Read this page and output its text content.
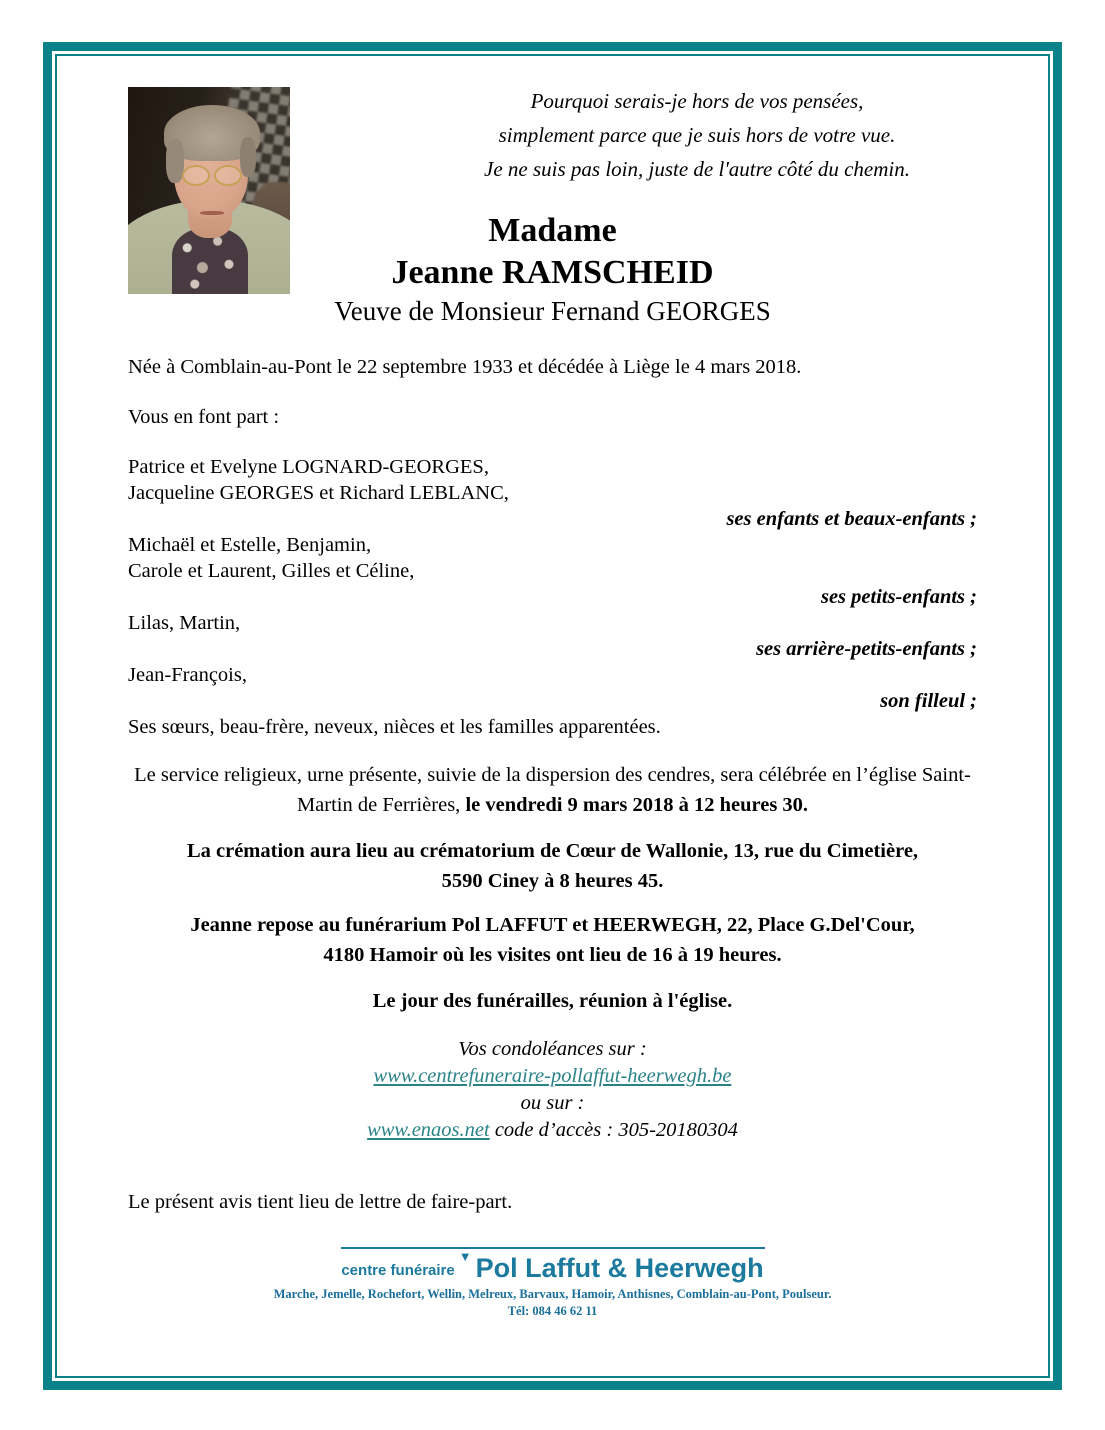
Pourquoi serais-je hors de vos pensées,
simplement parce que je suis hors de votre vue.
Je ne suis pas loin, juste de l'autre côté du chemin.
Madame
Jeanne RAMSCHEID
Veuve de Monsieur Fernand GEORGES
Née à Comblain-au-Pont le 22 septembre 1933 et décédée à Liège le 4 mars 2018.
Vous en font part :
Patrice et Evelyne LOGNARD-GEORGES,
Jacqueline GEORGES et Richard LEBLANC,
ses enfants et beaux-enfants ;
Michaël et Estelle, Benjamin,
Carole et Laurent, Gilles et Céline,
ses petits-enfants ;
Lilas, Martin,
ses arrière-petits-enfants ;
Jean-François,
son filleul ;
Ses sœurs, beau-frère, neveux, nièces et les familles apparentées.
Le service religieux, urne présente, suivie de la dispersion des cendres, sera célébrée en l’église Saint-Martin de Ferrières, le vendredi 9 mars 2018 à 12 heures 30.
La crémation aura lieu au crématorium de Cœur de Wallonie, 13, rue du Cimetière,
5590 Ciney à 8 heures 45.
Jeanne repose au funérarium Pol LAFFUT et HEERWEGH, 22, Place G.Del'Cour,
4180 Hamoir où les visites ont lieu de 16 à 19 heures.
Le jour des funérailles, réunion à l'église.
Vos condoléances sur :
www.centrefuneraire-pollaffut-heerwegh.be
ou sur :
www.enaos.net code d’accès : 305-20180304
Le présent avis tient lieu de lettre de faire-part.
centre funéraire
▼ Pol Laffut & Heerwegh
Marche, Jemelle, Rochefort, Wellin, Melreux, Barvaux, Hamoir, Anthisnes, Comblain-au-Pont, Poulseur.
Tél: 084 46 62 11
